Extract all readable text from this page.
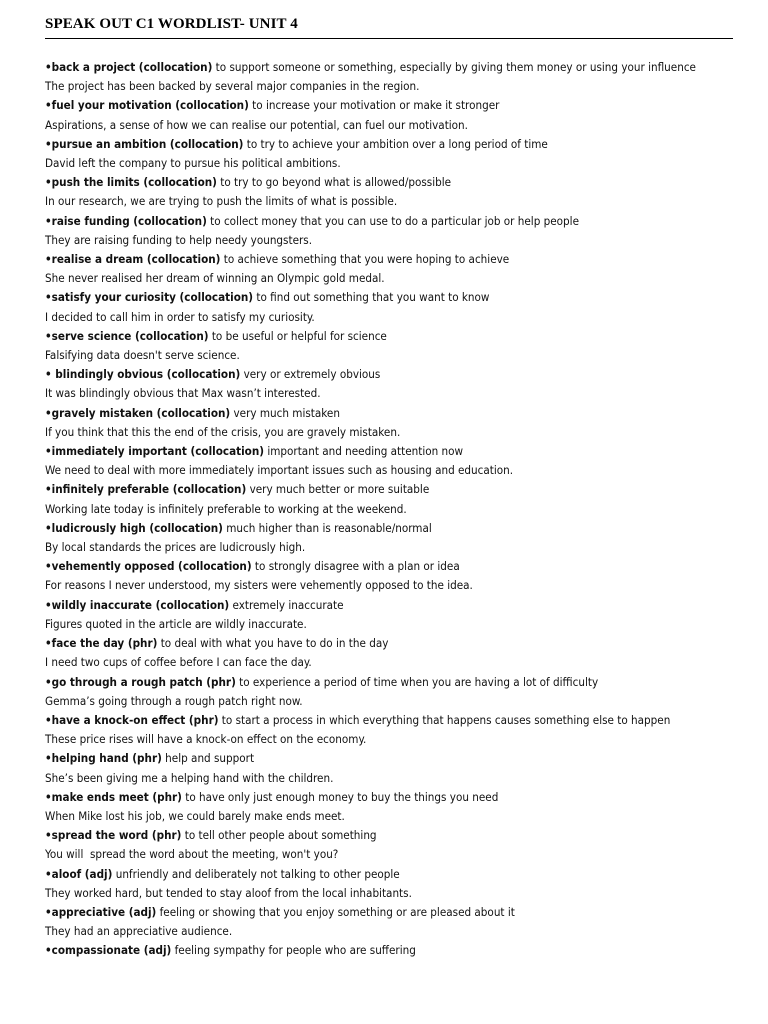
SPEAK OUT C1 WORDLIST- UNIT 4

•back a project (collocation) to support someone or something, especially by giving them money or using your influence

The project has been backed by several major companies in the region.

•fuel your motivation (collocation) to increase your motivation or make it stronger

Aspirations, a sense of how we can realise our potential, can fuel our motivation.

•pursue an ambition (collocation) to try to achieve your ambition over a long period of time

David left the company to pursue his political ambitions.

•push the limits (collocation) to try to go beyond what is allowed/possible

In our research, we are trying to push the limits of what is possible.

•raise funding (collocation) to collect money that you can use to do a particular job or help people

They are raising funding to help needy youngsters.

•realise a dream (collocation) to achieve something that you were hoping to achieve

She never realised her dream of winning an Olympic gold medal.

•satisfy your curiosity (collocation) to find out something that you want to know

I decided to call him in order to satisfy my curiosity.

•serve science (collocation) to be useful or helpful for science

Falsifying data doesn't serve science.

• blindingly obvious (collocation) very or extremely obvious

It was blindingly obvious that Max wasn’t interested.

•gravely mistaken (collocation) very much mistaken

If you think that this the end of the crisis, you are gravely mistaken.

•immediately important (collocation) important and needing attention now

We need to deal with more immediately important issues such as housing and education.

•infinitely preferable (collocation) very much better or more suitable

Working late today is infinitely preferable to working at the weekend.

•ludicrously high (collocation) much higher than is reasonable/normal

By local standards the prices are ludicrously high.

•vehemently opposed (collocation) to strongly disagree with a plan or idea

For reasons I never understood, my sisters were vehemently opposed to the idea.

•wildly inaccurate (collocation) extremely inaccurate

Figures quoted in the article are wildly inaccurate.

•face the day (phr) to deal with what you have to do in the day

I need two cups of coffee before I can face the day.

•go through a rough patch (phr) to experience a period of time when you are having a lot of difficulty

Gemma’s going through a rough patch right now.

•have a knock-on effect (phr) to start a process in which everything that happens causes something else to happen

These price rises will have a knock-on effect on the economy.

•helping hand (phr) help and support

She’s been giving me a helping hand with the children.

•make ends meet (phr) to have only just enough money to buy the things you need

When Mike lost his job, we could barely make ends meet.

•spread the word (phr) to tell other people about something

You will  spread the word about the meeting, won't you?

•aloof (adj) unfriendly and deliberately not talking to other people

They worked hard, but tended to stay aloof from the local inhabitants.

•appreciative (adj) feeling or showing that you enjoy something or are pleased about it

They had an appreciative audience.

•compassionate (adj) feeling sympathy for people who are suffering
